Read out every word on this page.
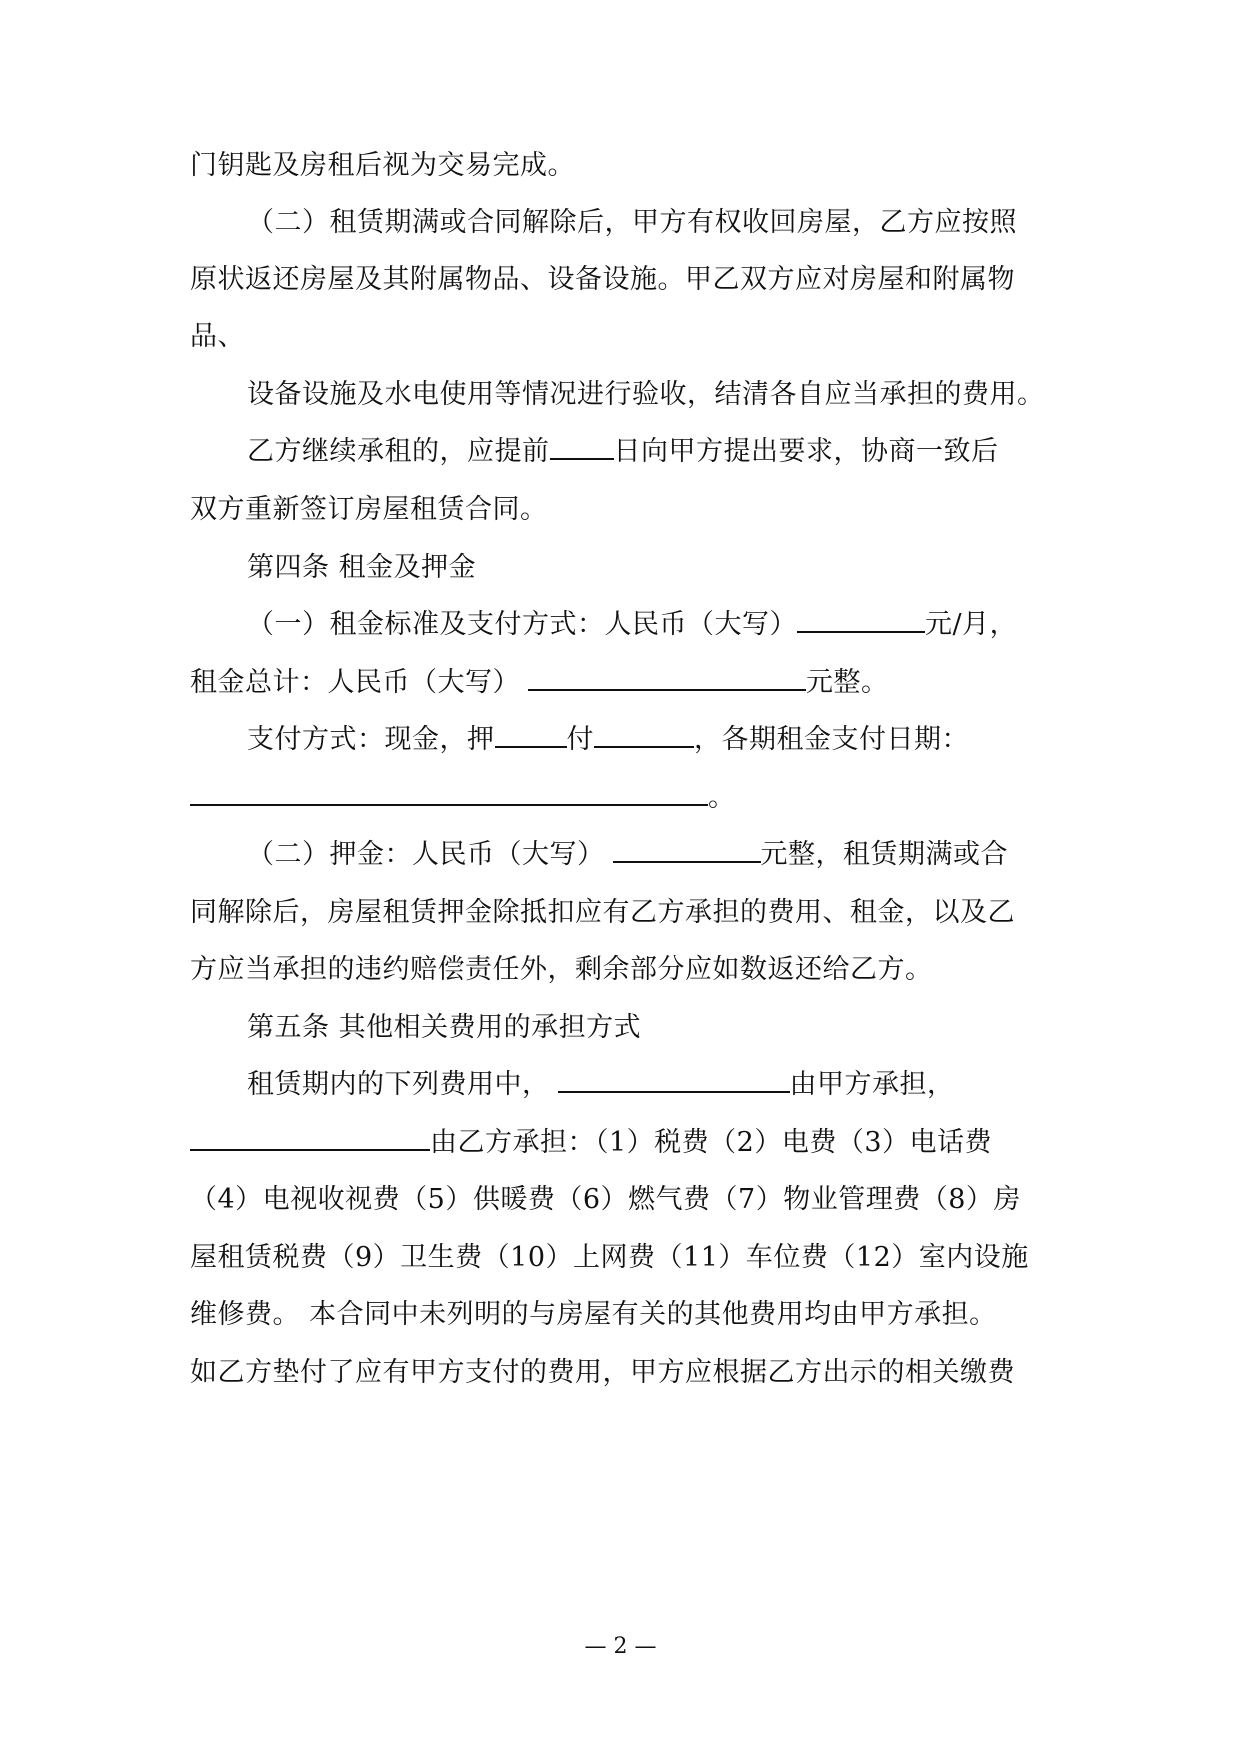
门钥匙及房租后视为交易完成。
（二）租赁期满或合同解除后，甲方有权收回房屋，乙方应按照
原状返还房屋及其附属物品、设备设施。甲乙双方应对房屋和附属物
品、
设备设施及水电使用等情况进行验收，结清各自应当承担的费用。
乙方继续承租的，应提前 日向甲方提出要求，协商一致后
双方重新签订房屋租赁合同。
第四条 租金及押金
（一）租金标准及支付方式：人民币（大写）	元/月，
租金总计：人民币（大写）	元整。
支付方式：现金，押	付	，各期租金支付日期：
。
（二）押金：人民币（大写）	元整，租赁期满或合
同解除后，房屋租赁押金除抵扣应有乙方承担的费用、租金，以及乙
方应当承担的违约赔偿责任外，剩余部分应如数返还给乙方。
第五条 其他相关费用的承担方式
租赁期内的下列费用中，	由甲方承担，
由乙方承担：（1）税费（2）电费（3）电话费
（4）电视收视费（5）供暖费（6）燃气费（7）物业管理费（8）房
屋租赁税费（9）卫生费（10）上网费（11）车位费（12）室内设施
维修费。 本合同中未列明的与房屋有关的其他费用均由甲方承担。
如乙方垫付了应有甲方支付的费用，甲方应根据乙方出示的相关缴费
— 2 —
